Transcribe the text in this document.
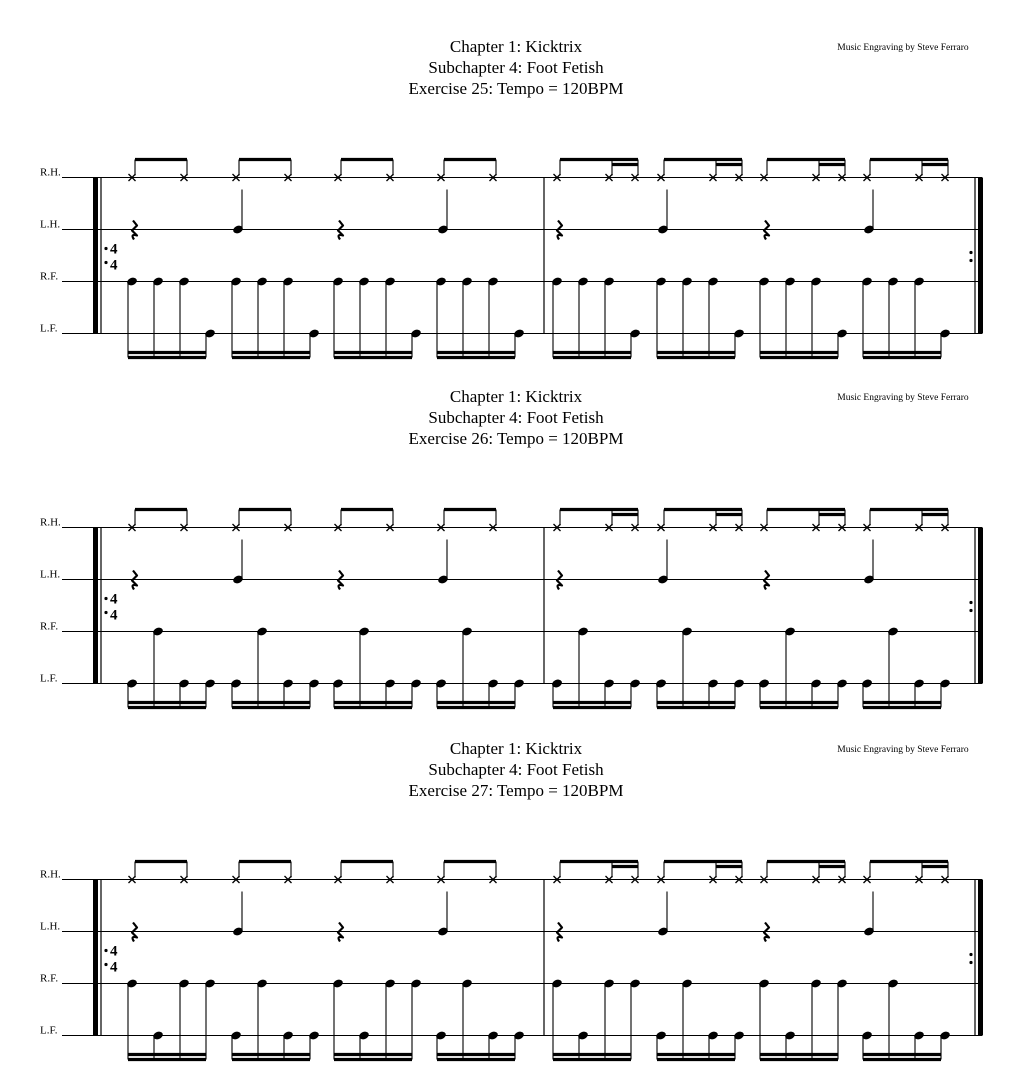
Chapter 1: Kicktrix
Subchapter 4: Foot Fetish
Exercise 25: Tempo = 120BPM
Music Engraving by Steve Ferraro
R.H.
L.H.
R.F.
L.F.
4
4
Chapter 1: Kicktrix
Subchapter 4: Foot Fetish
Exercise 26: Tempo = 120BPM
Music Engraving by Steve Ferraro
R.H.
L.H.
R.F.
L.F.
4
4
Chapter 1: Kicktrix
Subchapter 4: Foot Fetish
Exercise 27: Tempo = 120BPM
Music Engraving by Steve Ferraro
R.H.
L.H.
R.F.
L.F.
4
4
